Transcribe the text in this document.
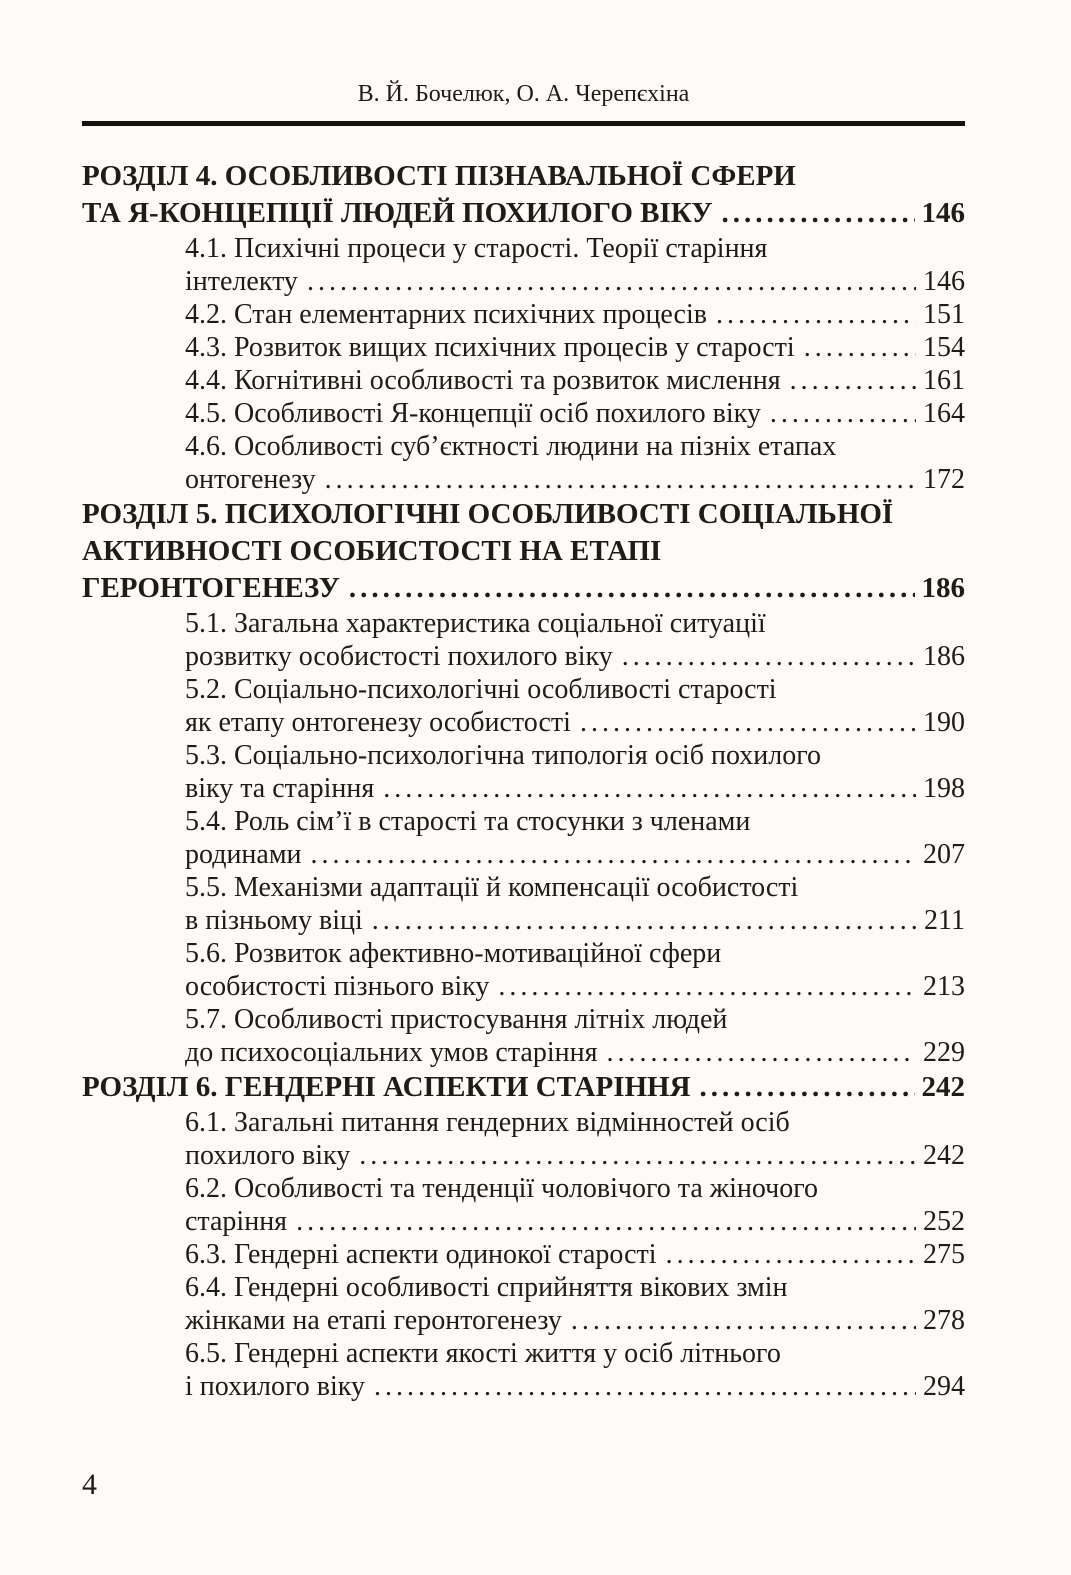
В. Й. Бочелюк, О. А. Черепєхіна
РОЗДІЛ 4. ОСОБЛИВОСТІ ПІЗНАВАЛЬНОЇ СФЕРИ
ТА Я-КОНЦЕПЦІЇ ЛЮДЕЙ ПОХИЛОГО ВІКУ .....	146
4.1. Психічні процеси у старості. Теорії старіння
інтелекту .....	146
4.2. Стан елементарних психічних процесів .....	151
4.3. Розвиток вищих психічних процесів у старості .....	154
4.4. Когнітивні особливості та розвиток мислення .....	161
4.5. Особливості Я-концепції осіб похилого віку .....	164
4.6. Особливості суб’єктності людини на пізніх етапах
онтогенезу .....	172
РОЗДІЛ 5. ПСИХОЛОГІЧНІ ОСОБЛИВОСТІ СОЦІАЛЬНОЇ
АКТИВНОСТІ ОСОБИСТОСТІ НА ЕТАПІ
ГЕРОНТОГЕНЕЗУ .....	186
5.1. Загальна характеристика соціальної ситуації
розвитку особистості похилого віку .....	186
5.2. Соціально-психологічні особливості старості
як етапу онтогенезу особистості .....	190
5.3. Соціально-психологічна типологія осіб похилого
віку та старіння .....	198
5.4. Роль сім’ї в старості та стосунки з членами
родинами .....	207
5.5. Механізми адаптації й компенсації особистості
в пізньому віці .....	211
5.6. Розвиток афективно-мотиваційної сфери
особистості пізнього віку .....	213
5.7. Особливості пристосування літніх людей
до психосоціальних умов старіння .....	229
РОЗДІЛ 6. ГЕНДЕРНІ АСПЕКТИ СТАРІННЯ .....	242
6.1. Загальні питання гендерних відмінностей осіб
похилого віку .....	242
6.2. Особливості та тенденції чоловічого та жіночого
старіння .....	252
6.3. Гендерні аспекти одинокої старості .....	275
6.4. Гендерні особливості сприйняття вікових змін
жінками на етапі геронтогенезу .....	278
6.5. Гендерні аспекти якості життя у осіб літнього
і похилого віку .....	294
4
